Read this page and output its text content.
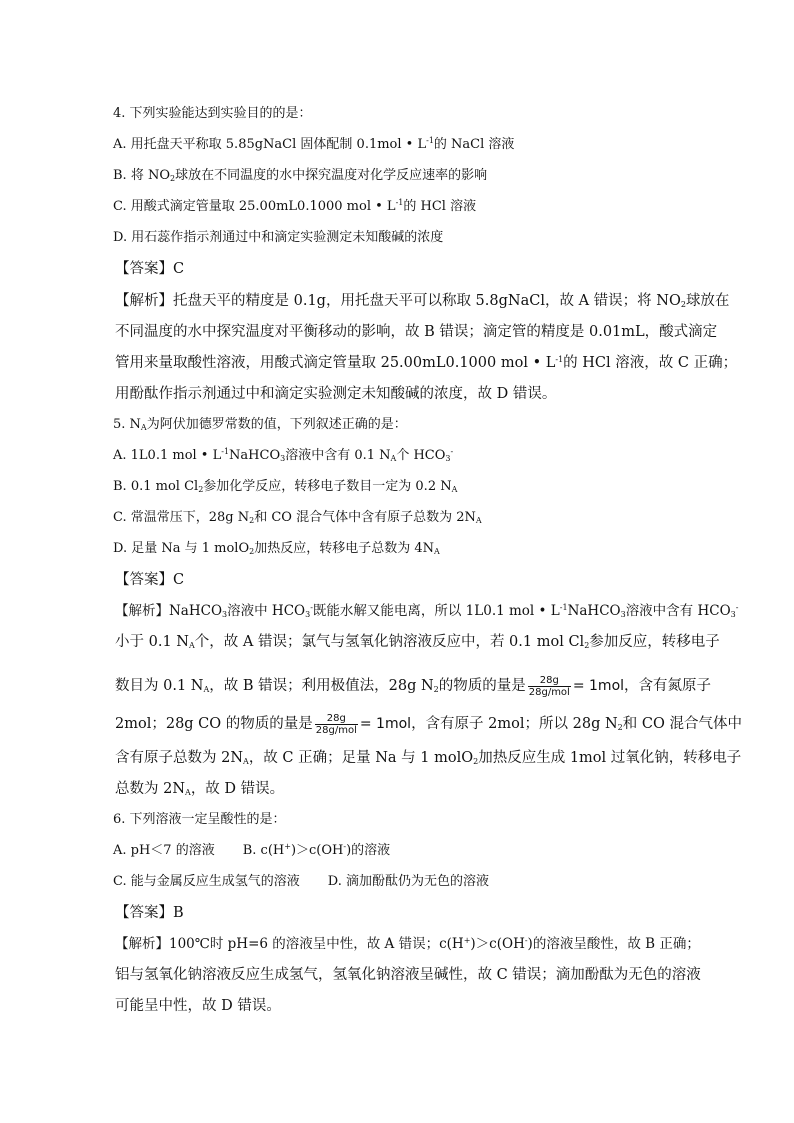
4. 下列实验能达到实验目的的是：
A. 用托盘天平称取 5.85gNaCl 固体配制 0.1mol • $L^{-1}$的 NaCl 溶液
B. 将 $NO_2$球放在不同温度的水中探究温度对化学反应速率的影响
C. 用酸式滴定管量取 25.00mL0.1000 mol • $L^{-1}$的 HCl 溶液
D. 用石蕊作指示剂通过中和滴定实验测定未知酸碱的浓度
【答案】C
【解析】托盘天平的精度是 0.1g，用托盘天平可以称取 5.8gNaCl，故 A 错误；将 $NO_2$球放在
不同温度的水中探究温度对平衡移动的影响，故 B 错误；滴定管的精度是 0.01mL，酸式滴定
管用来量取酸性溶液，用酸式滴定管量取 25.00mL0.1000 mol • $L^{-1}$的 HCl 溶液，故 C 正确；
用酚酞作指示剂通过中和滴定实验测定未知酸碱的浓度，故 D 错误。
5. $N_A$为阿伏加德罗常数的值，下列叙述正确的是：
A. 1L0.1 mol • $L^{-1}NaHCO_3$溶液中含有 0.1 $N_A$个 $HCO_3^-$
B. 0.1 mol $Cl_2$参加化学反应，转移电子数目一定为 0.2 $N_A$
C. 常温常压下，28g $N_2$和 CO 混合气体中含有原子总数为 $2N_A$
D. 足量 Na 与 1 molO$_2$加热反应，转移电子总数为 $4N_A$
【答案】C
【解析】NaHCO$_3$溶液中 $HCO_3^-$既能水解又能电离，所以 1L0.1 mol • $L^{-1}NaHCO_3$溶液中含有 $HCO_3^-$
小于 0.1 $N_A$个，故 A 错误；氯气与氢氧化钠溶液反应中，若 0.1 mol $Cl_2$参加反应，转移电子
数目为 0.1 $N_A$，故 B 错误；利用极值法，28g $N_2$的物质的量是 $\frac{28g}{\text{28g/mol}} = 1mol$，含有氮原子
2mol；28g CO 的物质的量是 $\frac{28g}{\text{28g/mol}} = 1mol$，含有原子 2mol；所以 28g $N_2$和 CO 混合气体中
含有原子总数为 $2N_A$，故 C 正确；足量 Na 与 1 molO$_2$加热反应生成 1mol 过氧化钠，转移电子
总数为 $2N_A$，故 D 错误。
6. 下列溶液一定呈酸性的是：
A. pH＜7 的溶液 B. c(H+)＞c(OH-)的溶液
C. 能与金属反应生成氢气的溶液 D. 滴加酚酞仍为无色的溶液
【答案】B
【解析】100℃时 pH=6 的溶液呈中性，故 A 错误；c(H+)＞c(OH-)的溶液呈酸性，故 B 正确；
铝与氢氧化钠溶液反应生成氢气，氢氧化钠溶液呈碱性，故 C 错误；滴加酚酞为无色的溶液
可能呈中性，故 D 错误。
